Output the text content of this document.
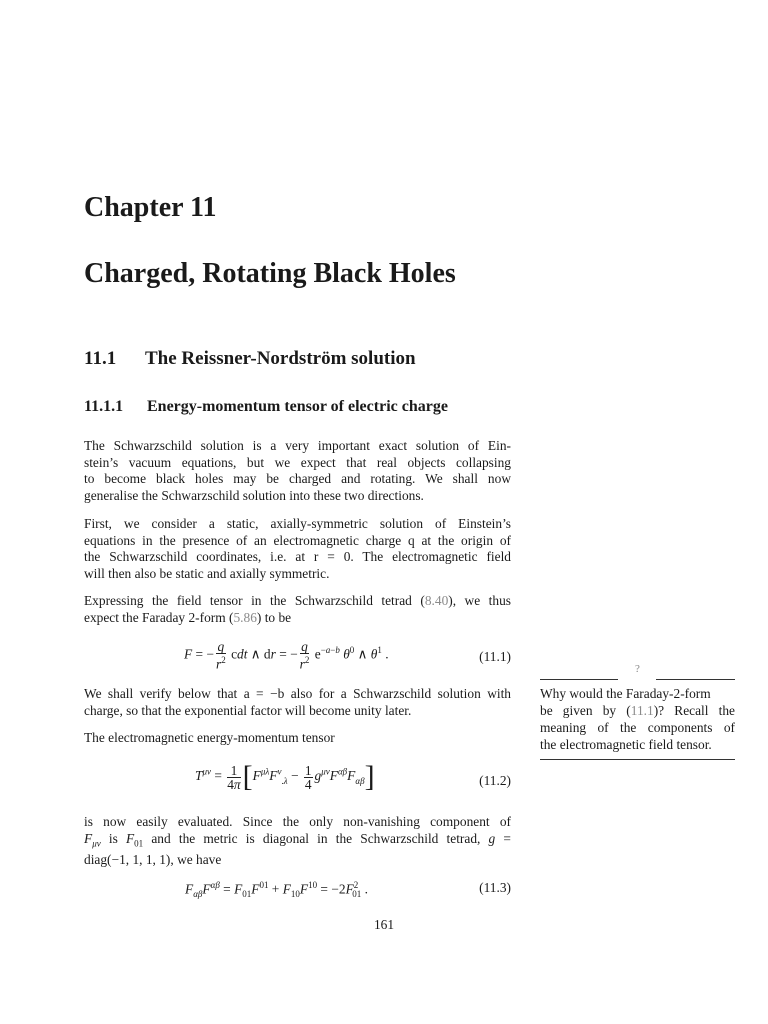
Chapter 11
Charged, Rotating Black Holes
11.1 The Reissner-Nordström solution
11.1.1 Energy-momentum tensor of electric charge
The Schwarzschild solution is a very important exact solution of Ein-
stein’s vacuum equations, but we expect that real objects collapsing
to become black holes may be charged and rotating. We shall now
generalise the Schwarzschild solution into these two directions.
First, we consider a static, axially-symmetric solution of Einstein’s
equations in the presence of an electromagnetic charge q at the origin of
the Schwarzschild coordinates, i.e. at r = 0. The electromagnetic field
will then also be static and axially symmetric.
Expressing the field tensor in the Schwarzschild tetrad (8.40), we thus
expect the Faraday 2-form (5.86) to be
F = − $\frac{q}{r^2}$ cdt ∧ dr = − $\frac{q}{r^2} e^{-a-b}$ $\theta^0$ ∧ $\theta^1$ .	(11.1)
We shall verify below that a = −b also for a Schwarzschild solution with
charge, so that the exponential factor will become unity later.
The electromagnetic energy-momentum tensor
$T^{\mu\nu} = \frac{1}{4\pi} [F^{\mu\lambda}F^\nu_{.\lambda} - \frac{1}{4} g^{\mu\nu}F^{\alpha\beta}F_{\alpha\beta}]$	(11.2)
is now easily evaluated. Since the only non-vanishing component of
$F_{\mu\nu}$ is $F_{01}$ and the metric is diagonal in the Schwarzschild tetrad, g =
diag(−1, 1, 1, 1), we have
$F_{\alpha\beta}F^{\alpha\beta} = F_{01}F^{01} + F_{10}F^{10} = -2F^2_{01}$ .	(11.3)
?
Why would the Faraday-2-form
be given by (11.1)? Recall the
meaning of the components of
the electromagnetic field tensor.
161
